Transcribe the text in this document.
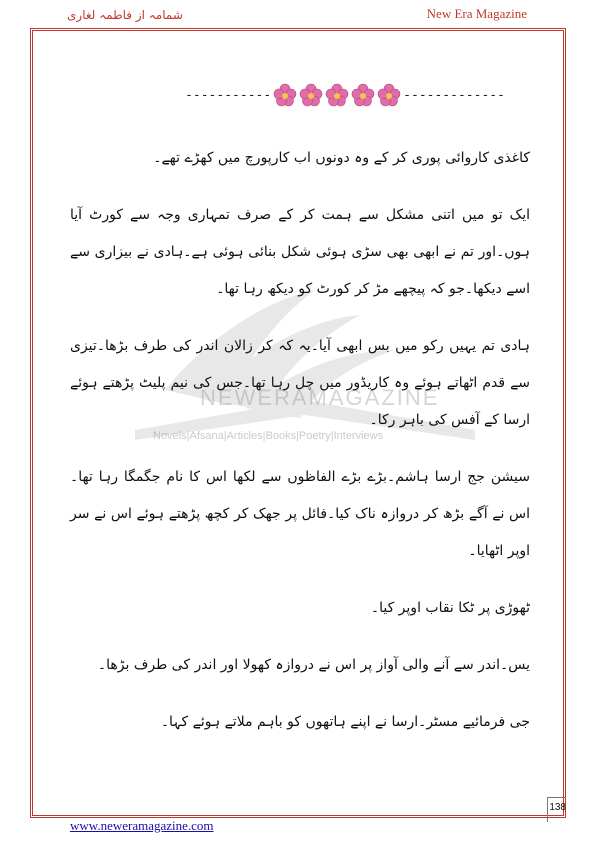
شمامہ از فاطمہ لغاری	New Era Magazine
-----------	-------------
NEWERAMAGAZINE
Novels|Afsana|Articles|Books|Poetry|Interviews

کاغذی کاروائی پوری کر کے وہ دونوں اب کارپورچ میں کھڑے تھے۔

ایک تو میں اتنی مشکل سے ہمت کر کے صرف تمہاری وجہ سے کورٹ آیا ہوں۔اور تم نے ابھی بھی سڑی ہوئی شکل بنائی ہوئی ہے۔ہادی نے بیزاری سے اسے دیکھا۔جو کہ پیچھے مڑ کر کورٹ کو دیکھ رہا تھا۔

ہادی تم یہیں رکو میں بس ابھی آیا۔یہ کہ کر زالان اندر کی طرف بڑھا۔تیزی سے قدم اٹھاتے ہوئے وہ کاریڈور میں چل رہا تھا۔جس کی نیم پلیٹ پڑھتے ہوئے ارسا کے آفس کی باہر رکا۔

سیشن جج ارسا ہاشم۔بڑے بڑے الفاظوں سے لکھا اس کا نام جگمگا رہا تھا۔اس نے آگے بڑھ کر دروازہ ناک کیا۔فائل پر جھک کر کچھ پڑھتے ہوئے اس نے سر اوپر اٹھایا۔

ٹھوڑی پر ٹکا نقاب اوپر کیا۔

یس۔اندر سے آنے والی آواز پر اس نے دروازہ کھولا اور اندر کی طرف بڑھا۔

جی فرمائیے مسٹر۔ارسا نے اپنے ہاتھوں کو باہم ملاتے ہوئے کہا۔

138
www.neweramagazine.com
